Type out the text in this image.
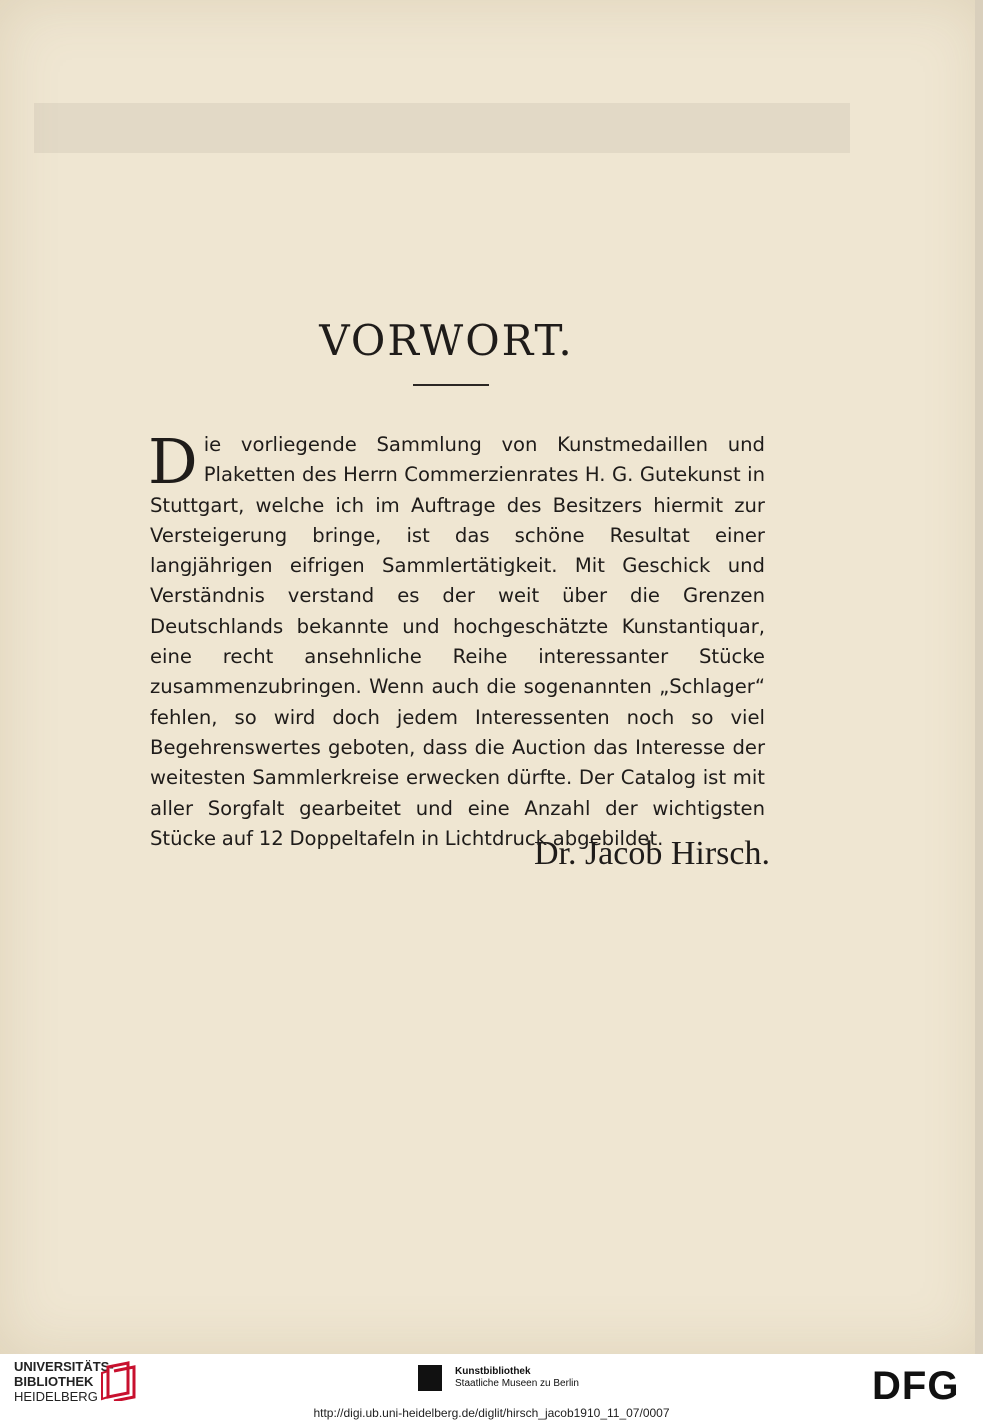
VORWORT.

Die vorliegende Sammlung von Kunstmedaillen und Plaketten des Herrn Commerzienrates H. G. Gutekunst in Stuttgart, welche ich im Auftrage des Besitzers hiermit zur Versteigerung bringe, ist das schöne Resultat einer langjährigen eifrigen Sammlertätigkeit. Mit Geschick und Verständnis verstand es der weit über die Grenzen Deutschlands bekannte und hochgeschätzte Kunstantiquar, eine recht ansehnliche Reihe interessanter Stücke zusammenzubringen. Wenn auch die sogenannten „Schlager“ fehlen, so wird doch jedem Interessenten noch so viel Begehrenswertes geboten, dass die Auction das Interesse der weitesten Sammlerkreise erwecken dürfte. Der Catalog ist mit aller Sorgfalt gearbeitet und eine Anzahl der wichtigsten Stücke auf 12 Doppeltafeln in Lichtdruck abgebildet.

Dr. Jacob Hirsch.
UNIVERSITÄTS-
BIBLIOTHEK
HEIDELBERG
Kunstbibliothek
Staatliche Museen zu Berlin	DFG
http://digi.ub.uni-heidelberg.de/diglit/hirsch_jacob1910_11_07/0007
